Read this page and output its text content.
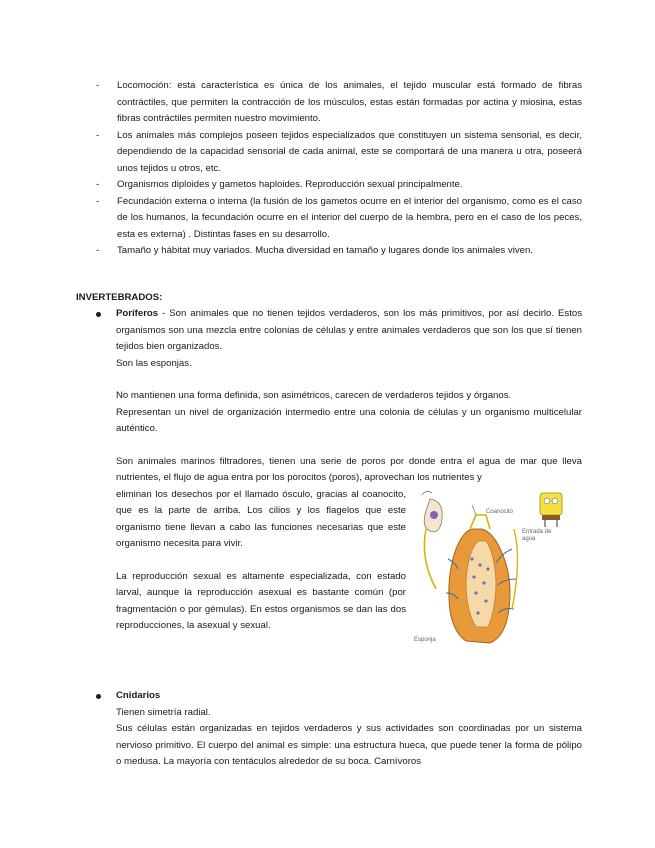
- Locomoción: esta característica es única de los animales, el tejido muscular está formado de fibras contráctiles, que permiten la contracción de los músculos, estas están formadas por actina y miosina, estas fibras contráctiles permiten nuestro movimiento.
- Los animales más complejos poseen tejidos especializados que constituyen un sistema sensorial, es decir, dependiendo de la capacidad sensorial de cada animal, este se comportará de una manera u otra, poseerá unos tejidos u otros, etc.
- Organismos diploides y gametos haploides. Reproducción sexual principalmente.
- Fecundación externa o interna (la fusión de los gametos ocurre en el interior del organismo, como es el caso de los humanos, la fecundación ocurre en el interior del cuerpo de la hembra, pero en el caso de los peces, esta es externa) . Distintas fases en su desarrollo.
- Tamaño y hábitat muy variados. Mucha diversidad en tamaño y lugares donde los animales viven.
INVERTEBRADOS:

Poríferos - Son animales que no tienen tejidos verdaderos, son los más primitivos, por así decirlo. Estos organismos son una mezcla entre colonias de células y entre animales verdaderos que son los que sí tienen tejidos bien organizados.

Son las esponjas.

No mantienen una forma definida, son asimétricos, carecen de verdaderos tejidos y órganos.

Representan un nivel de organización intermedio entre una colonia de células y un organismo multicelular auténtico.

Son animales marinos filtradores, tienen una serie de poros por donde entra el agua de mar que lleva nutrientes, el flujo de agua entra por los porocitos (poros), aprovechan los nutrientes y

Coanocito
Entrada de agua
Esponja

eliminan los desechos por el llamado ósculo, gracias al coanocito, que es la parte de arriba. Los cilios y los flagelos que este organismo tiene llevan a cabo las funciones necesarias que este organismo necesita para vivir.

La reproducción sexual es altamente especializada, con estado larval, aunque la reproducción asexual es bastante común (por fragmentación o por gémulas). En estos organismos se dan las dos reproducciones, la asexual y sexual.

Cnidarios

Tienen simetría radial.

Sus células están organizadas en tejidos verdaderos y sus actividades son coordinadas por un sistema nervioso primitivo. El cuerpo del animal es simple: una estructura hueca, que puede tener la forma de pólipo o medusa. La mayoría con tentáculos alrededor de su boca. Carnívoros
